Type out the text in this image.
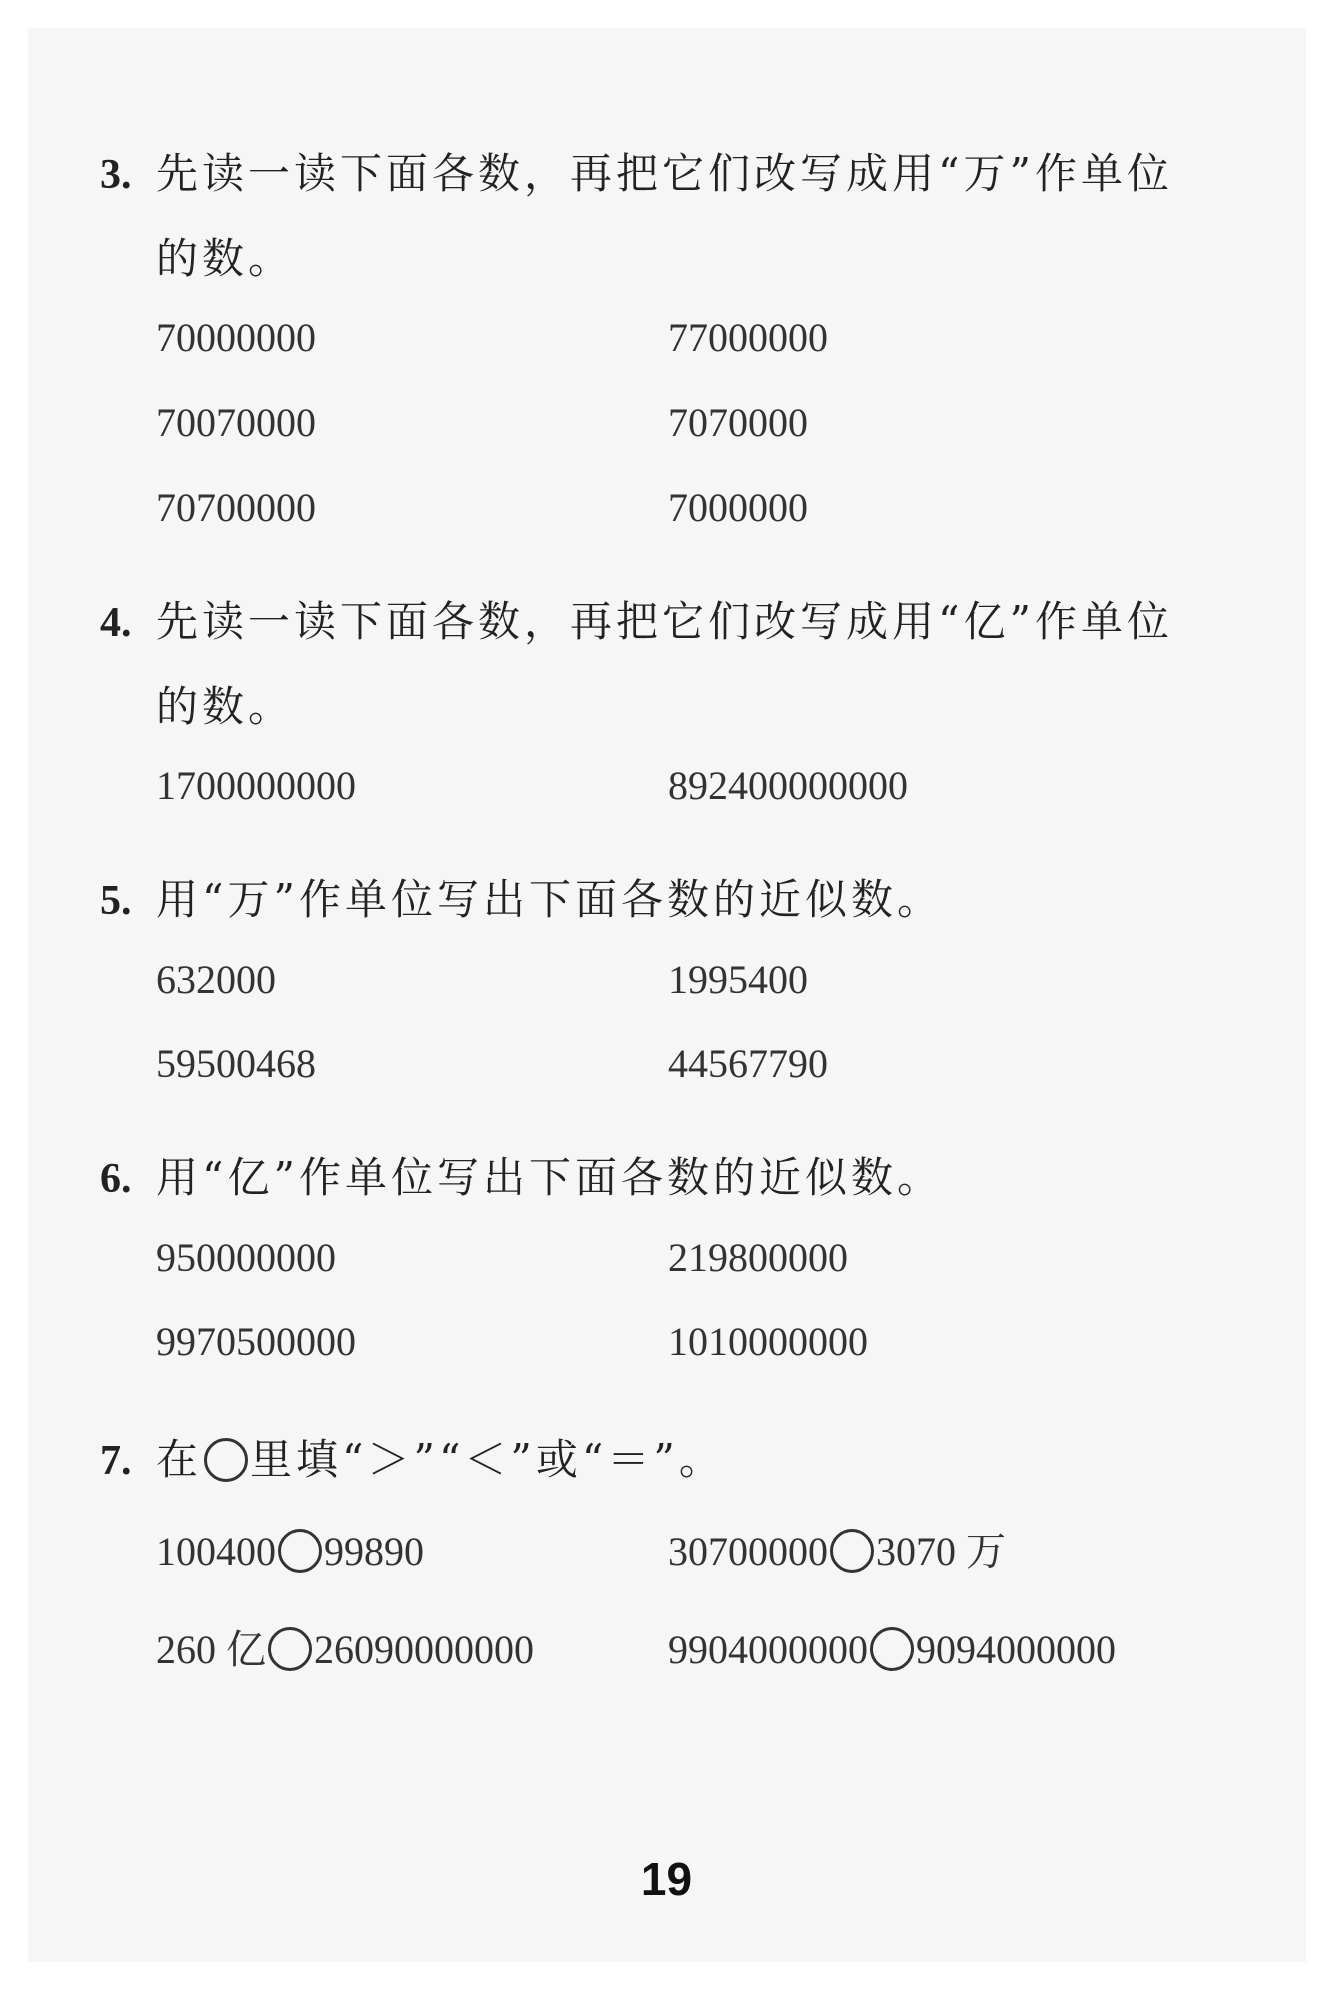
3. 先读一读下面各数，再把它们改写成用“万”作单位
的数。
70000000	77000000
70070000	7070000
70700000	7000000
4. 先读一读下面各数，再把它们改写成用“亿”作单位
的数。
1700000000	892400000000
5. 用“万”作单位写出下面各数的近似数。
632000	1995400
59500468	44567790
6. 用“亿”作单位写出下面各数的近似数。
950000000	219800000
9970500000	1010000000
7. 在 里填“＞”“＜”或“＝”。
100400 99890	30700000 3070 万
260 亿 26090000000	9904000000 9094000000
19
